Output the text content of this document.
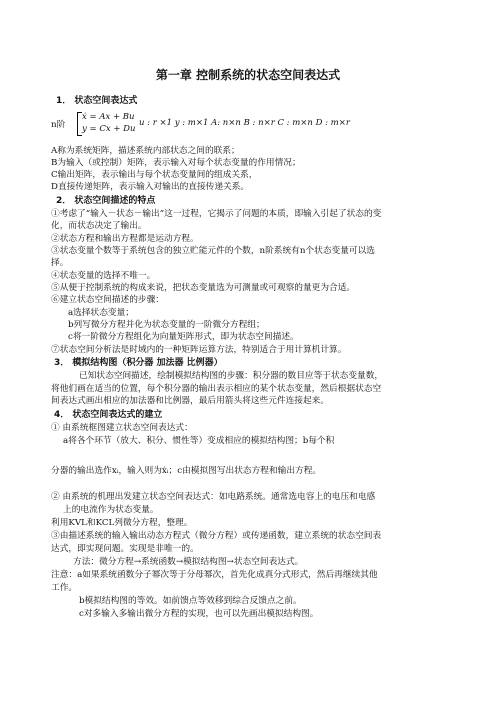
第一章 控制系统的状态空间表达式
1． 状态空间表达式
n阶
ẋ = Ax + Bu
y = Cx + Du
u : r ×1 y : m×1 A: n×n B : n×r C : m×n D : m×r
A称为系统矩阵，描述系统内部状态之间的联系；
B为输入（或控制）矩阵，表示输入对每个状态变量的作用情况；
C输出矩阵，表示输出与每个状态变量间的组成关系，
D直接传递矩阵，表示输入对输出的直接传递关系。
2． 状态空间描述的特点
①考虑了“输入－状态－输出”这一过程，它揭示了问题的本质，即输入引起了状态的变
化，而状态决定了输出。
②状态方程和输出方程都是运动方程。
③状态变量个数等于系统包含的独立贮能元件的个数，n阶系统有n个状态变量可以选
择。
④状态变量的选择不唯一。
⑤从便于控制系统的构成来说，把状态变量选为可测量或可观察的量更为合适。
⑥建立状态空间描述的步骤：
a选择状态变量；
b列写微分方程并化为状态变量的一阶微分方程组；
c将一阶微分方程组化为向量矩阵形式，即为状态空间描述。
⑦状态空间分析法是时域内的一种矩阵运算方法，特别适合于用计算机计算。
3． 模拟结构图（积分器 加法器 比例器）
已知状态空间描述，绘制模拟结构图的步骤：积分器的数目应等于状态变量数，
将他们画在适当的位置，每个积分器的输出表示相应的某个状态变量，然后根据状态空
间表达式画出相应的加法器和比例器，最后用箭头将这些元件连接起来。
4． 状态空间表达式的建立
① 由系统框图建立状态空间表达式：
a将各个环节（放大、积分、惯性等）变成相应的模拟结构图；b每个积
分器的输出选作xᵢ，输入则为ẋᵢ；c由模拟图写出状态方程和输出方程。
② 由系统的机理出发建立状态空间表达式：如电路系统。通常选电容上的电压和电感
上的电流作为状态变量。
利用KVL和KCL列微分方程，整理。
③由描述系统的输入输出动态方程式（微分方程）或传递函数，建立系统的状态空间表
达式，即实现问题。实现是非唯一的。
方法：微分方程→系统函数→模拟结构图→状态空间表达式。
注意：a如果系统函数分子幂次等于分母幂次，首先化成真分式形式，然后再继续其他
工作。
b模拟结构图的等效。如前馈点等效移到综合反馈点之前。
c对多输入多输出微分方程的实现，也可以先画出模拟结构图。
